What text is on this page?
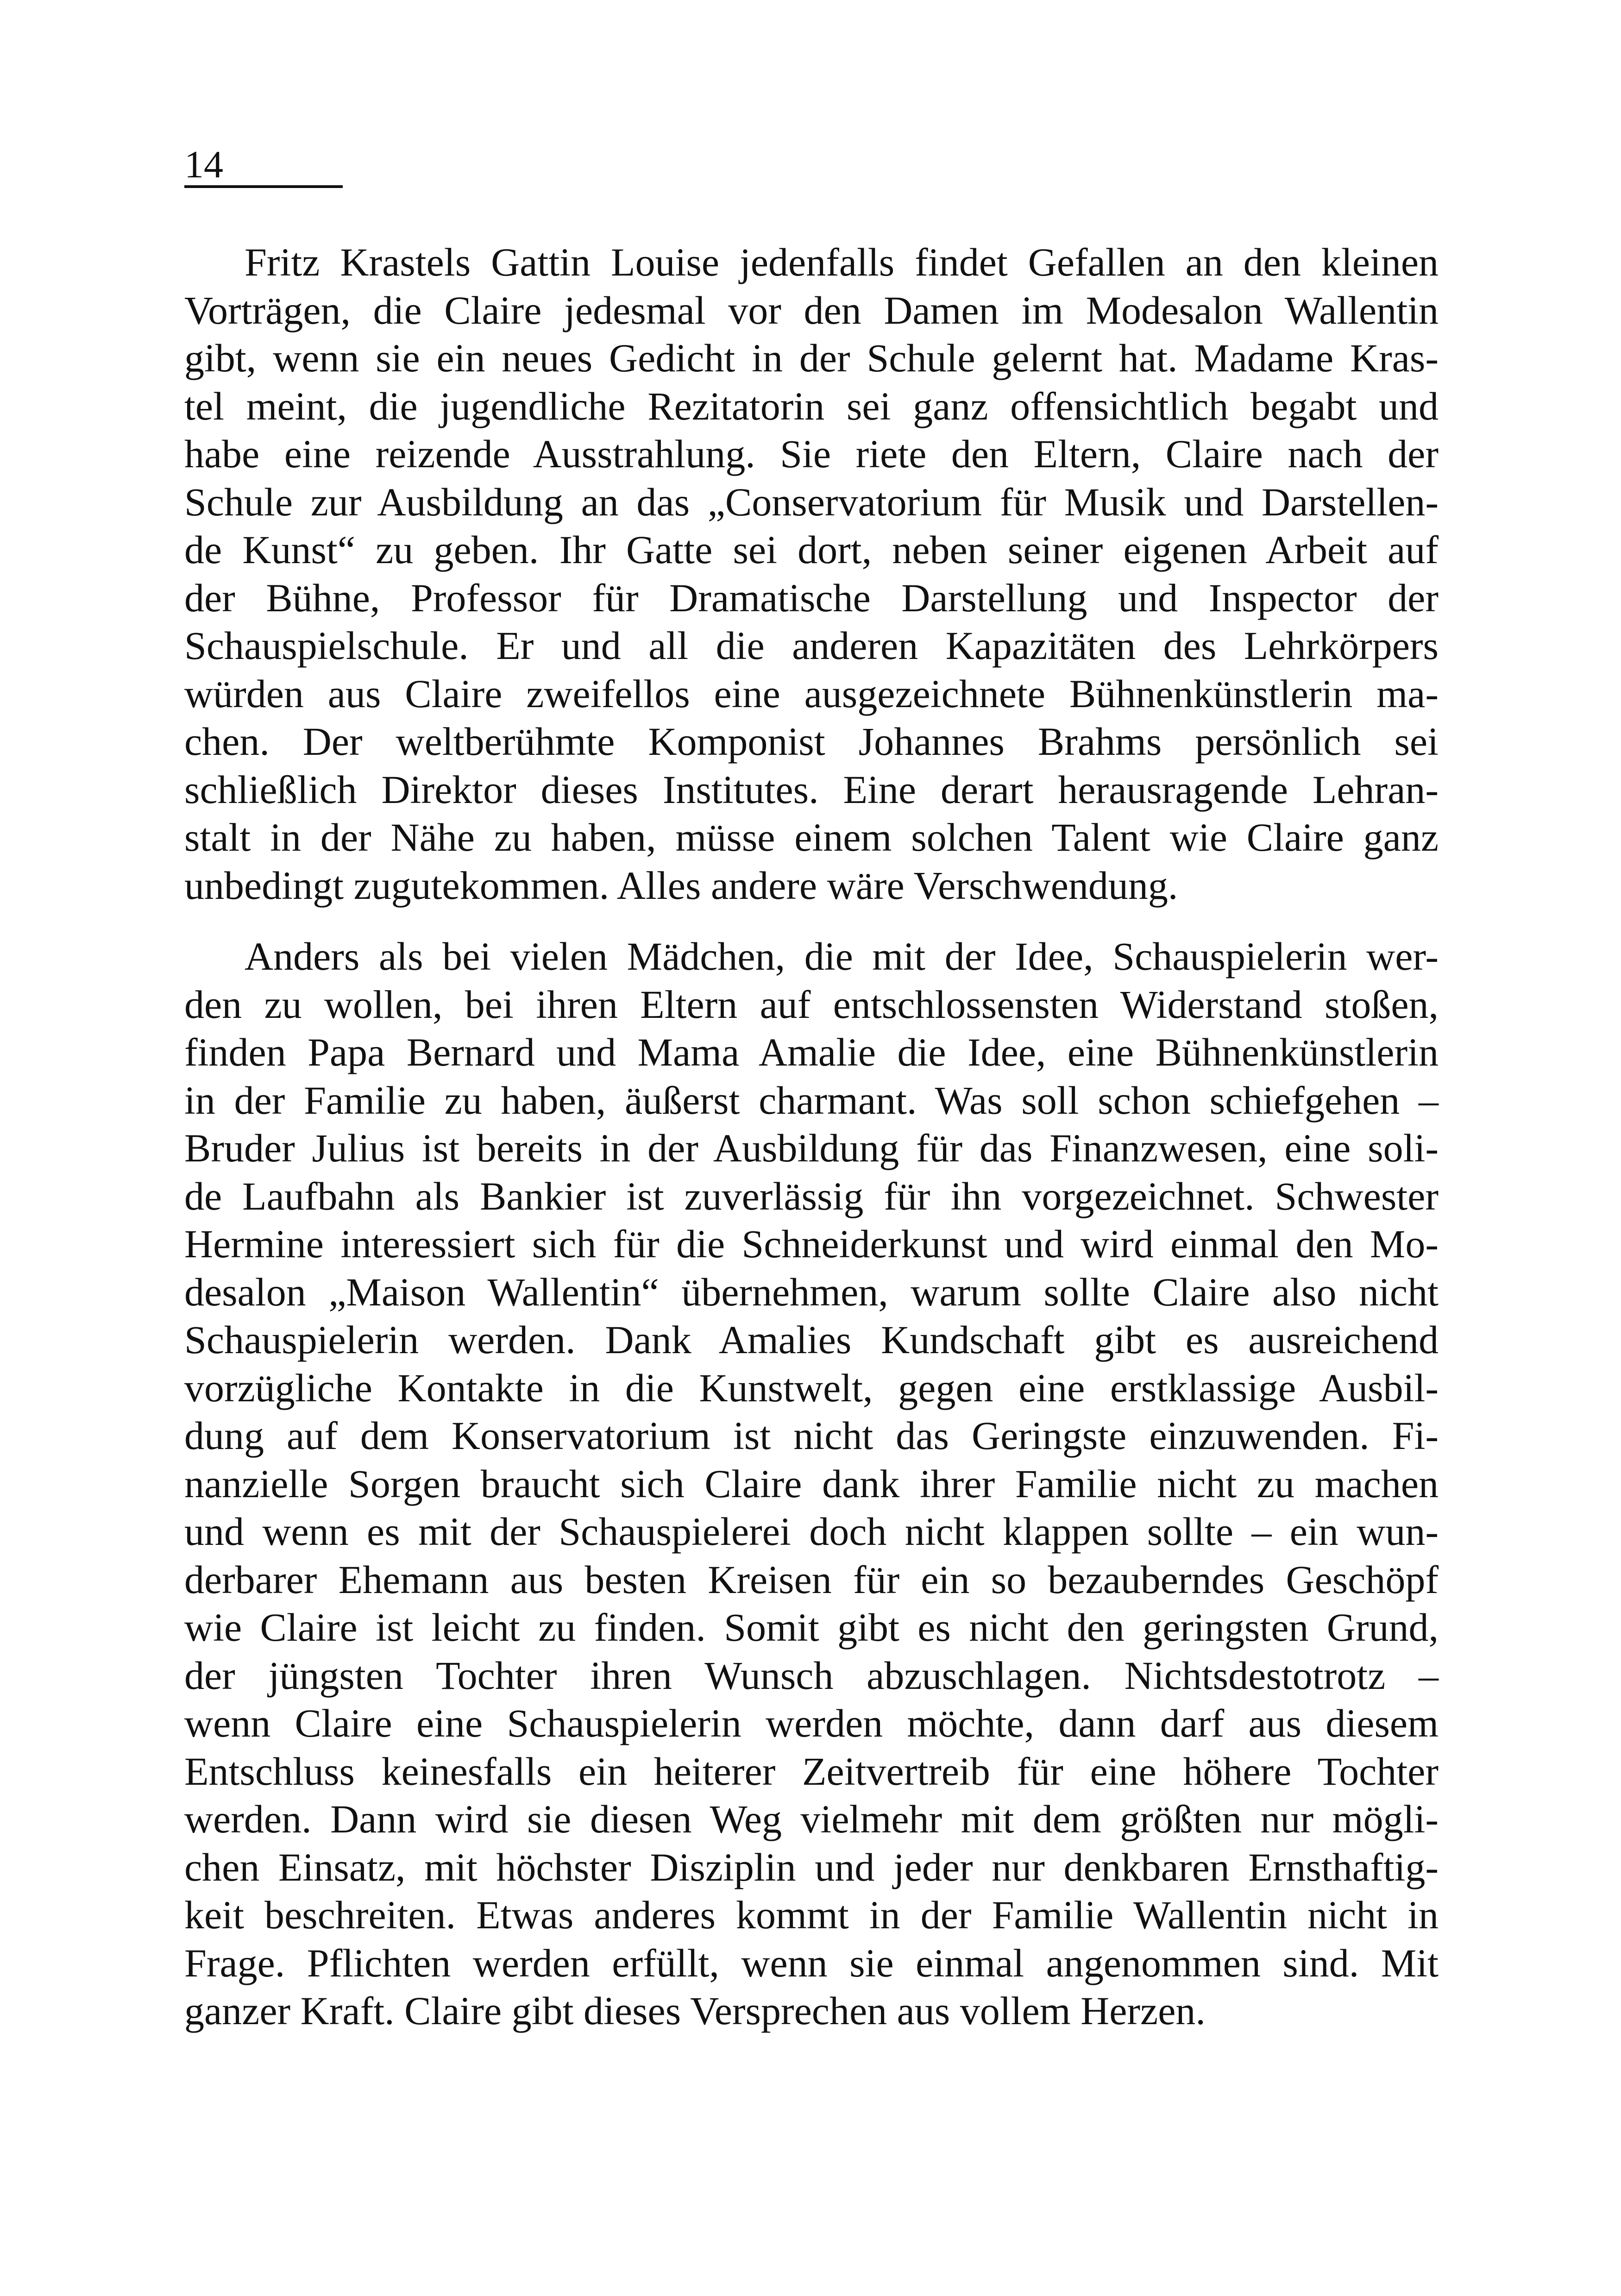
14

Fritz Krastels Gattin Louise jedenfalls findet Gefallen an den kleinen
Vorträgen, die Claire jedesmal vor den Damen im Modesalon Wallentin
gibt, wenn sie ein neues Gedicht in der Schule gelernt hat. Madame Kras-
tel meint, die jugendliche Rezitatorin sei ganz offensichtlich begabt und
habe eine reizende Ausstrahlung. Sie riete den Eltern, Claire nach der
Schule zur Ausbildung an das „Conservatorium für Musik und Darstellen-
de Kunst“ zu geben. Ihr Gatte sei dort, neben seiner eigenen Arbeit auf
der Bühne, Professor für Dramatische Darstellung und Inspector der
Schauspielschule. Er und all die anderen Kapazitäten des Lehrkörpers
würden aus Claire zweifellos eine ausgezeichnete Bühnenkünstlerin ma-
chen. Der weltberühmte Komponist Johannes Brahms persönlich sei
schließlich Direktor dieses Institutes. Eine derart herausragende Lehran-
stalt in der Nähe zu haben, müsse einem solchen Talent wie Claire ganz
unbedingt zugutekommen. Alles andere wäre Verschwendung.

Anders als bei vielen Mädchen, die mit der Idee, Schauspielerin wer-
den zu wollen, bei ihren Eltern auf entschlossensten Widerstand stoßen,
finden Papa Bernard und Mama Amalie die Idee, eine Bühnenkünstlerin
in der Familie zu haben, äußerst charmant. Was soll schon schiefgehen –
Bruder Julius ist bereits in der Ausbildung für das Finanzwesen, eine soli-
de Laufbahn als Bankier ist zuverlässig für ihn vorgezeichnet. Schwester
Hermine interessiert sich für die Schneiderkunst und wird einmal den Mo-
desalon „Maison Wallentin“ übernehmen, warum sollte Claire also nicht
Schauspielerin werden. Dank Amalies Kundschaft gibt es ausreichend
vorzügliche Kontakte in die Kunstwelt, gegen eine erstklassige Ausbil-
dung auf dem Konservatorium ist nicht das Geringste einzuwenden. Fi-
nanzielle Sorgen braucht sich Claire dank ihrer Familie nicht zu machen
und wenn es mit der Schauspielerei doch nicht klappen sollte – ein wun-
derbarer Ehemann aus besten Kreisen für ein so bezauberndes Geschöpf
wie Claire ist leicht zu finden. Somit gibt es nicht den geringsten Grund,
der jüngsten Tochter ihren Wunsch abzuschlagen. Nichtsdestotrotz –
wenn Claire eine Schauspielerin werden möchte, dann darf aus diesem
Entschluss keinesfalls ein heiterer Zeitvertreib für eine höhere Tochter
werden. Dann wird sie diesen Weg vielmehr mit dem größten nur mögli-
chen Einsatz, mit höchster Disziplin und jeder nur denkbaren Ernsthaftig-
keit beschreiten. Etwas anderes kommt in der Familie Wallentin nicht in
Frage. Pflichten werden erfüllt, wenn sie einmal angenommen sind. Mit
ganzer Kraft. Claire gibt dieses Versprechen aus vollem Herzen.
